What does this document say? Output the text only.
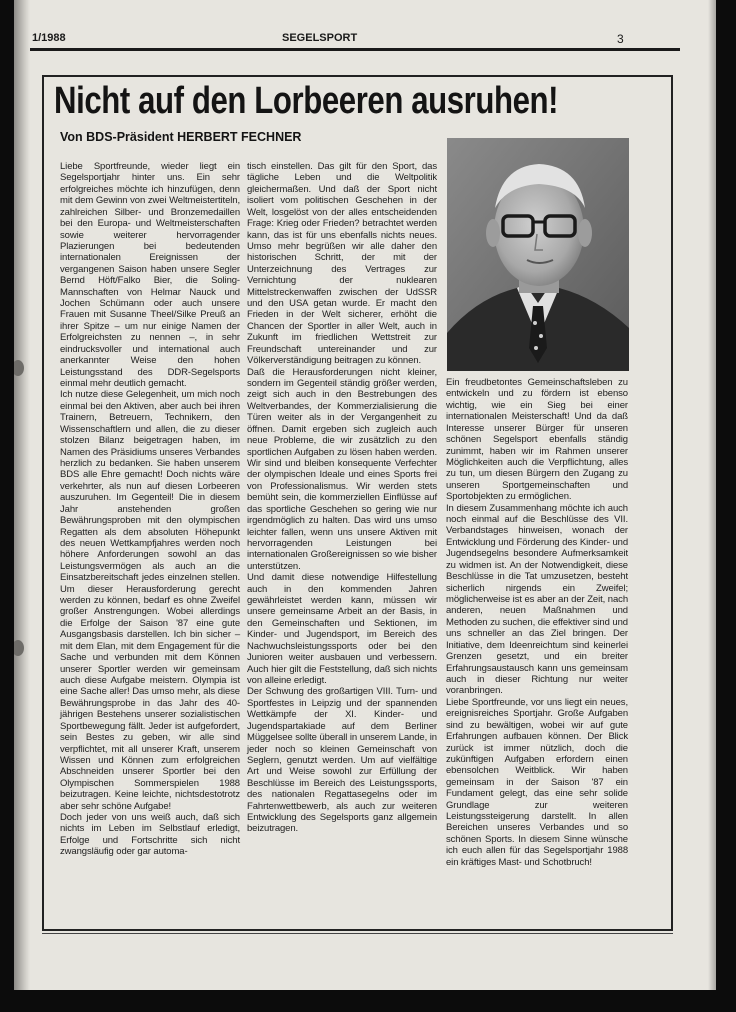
1/1988	SEGELSPORT	3
Nicht auf den Lorbeeren ausruhen!
Von BDS-Präsident HERBERT FECHNER

Liebe Sportfreunde, wieder liegt ein Segelsportjahr hinter uns. Ein sehr erfolgreiches möchte ich hinzufügen, denn mit dem Gewinn von zwei Weltmeistertiteln, zahlreichen Silber- und Bronzemedaillen bei den Europa- und Weltmeisterschaften sowie weiterer hervorragender Plazierungen bei bedeutenden internationalen Ereignissen der vergangenen Saison haben unsere Segler Bernd Höft/Falko Bier, die Soling-Mannschaften von Helmar Nauck und Jochen Schümann oder auch unsere Frauen mit Susanne Theel/Silke Preuß an ihrer Spitze – um nur einige Namen der Erfolgreichsten zu nennen –, in sehr eindrucksvoller und international auch anerkannter Weise den hohen Leistungsstand des DDR-Segelsports einmal mehr deutlich gemacht.

Ich nutze diese Gelegenheit, um mich noch einmal bei den Aktiven, aber auch bei ihren Trainern, Betreuern, Technikern, den Wissenschaftlern und allen, die zu dieser stolzen Bilanz beigetragen haben, im Namen des Präsidiums unseres Verbandes herzlich zu bedanken. Sie haben unserem BDS alle Ehre gemacht! Doch nichts wäre verkehrter, als nun auf diesen Lorbeeren auszuruhen. Im Gegenteil! Die in diesem Jahr anstehenden großen Bewährungsproben mit den olympischen Regatten als dem absoluten Höhepunkt des neuen Wettkampfjahres werden noch höhere Anforderungen sowohl an das Leistungsvermögen als auch an die Einsatzbereitschaft jedes einzelnen stellen. Um dieser Herausforderung gerecht werden zu können, bedarf es ohne Zweifel großer Anstrengungen. Wobei allerdings die Erfolge der Saison '87 eine gute Ausgangsbasis darstellen. Ich bin sicher – mit dem Elan, mit dem Engagement für die Sache und verbunden mit dem Können unserer Sportler werden wir gemeinsam auch diese Aufgabe meistern. Olympia ist eine Sache aller! Das umso mehr, als diese Bewährungsprobe in das Jahr des 40-jährigen Bestehens unserer sozialistischen Sportbewegung fällt. Jeder ist aufgefordert, sein Bestes zu geben, wir alle sind verpflichtet, mit all unserer Kraft, unserem Wissen und Können zum erfolgreichen Abschneiden unserer Sportler bei den Olympischen Sommerspielen 1988 beizutragen. Keine leichte, nichtsdestotrotz aber sehr schöne Aufgabe!

Doch jeder von uns weiß auch, daß sich nichts im Leben im Selbstlauf erledigt, Erfolge und Fortschritte sich nicht zwangsläufig oder gar automa-

tisch einstellen. Das gilt für den Sport, das tägliche Leben und die Weltpolitik gleichermaßen. Und daß der Sport nicht isoliert vom politischen Geschehen in der Welt, losgelöst von der alles entscheidenden Frage: Krieg oder Frieden? betrachtet werden kann, das ist für uns ebenfalls nichts neues. Umso mehr begrüßen wir alle daher den historischen Schritt, der mit der Unterzeichnung des Vertrages zur Vernichtung der nuklearen Mittelstreckenwaffen zwischen der UdSSR und den USA getan wurde. Er macht den Frieden in der Welt sicherer, erhöht die Chancen der Sportler in aller Welt, auch in Zukunft im friedlichen Wettstreit zur Freundschaft untereinander und zur Völkerverständigung beitragen zu können.

Daß die Herausforderungen nicht kleiner, sondern im Gegenteil ständig größer werden, zeigt sich auch in den Bestrebungen des Weltverbandes, der Kommerzialisierung die Türen weiter als in der Vergangenheit zu öffnen. Damit ergeben sich zugleich auch neue Probleme, die wir zusätzlich zu den sportlichen Aufgaben zu lösen haben werden. Wir sind und bleiben konsequente Verfechter der olympischen Ideale und eines Sports frei von Professionalismus. Wir werden stets bemüht sein, die kommerziellen Einflüsse auf das sportliche Geschehen so gering wie nur irgendmöglich zu halten. Das wird uns umso leichter fallen, wenn uns unsere Aktiven mit hervorragenden Leistungen bei internationalen Großereignissen so wie bisher unterstützen.

Und damit diese notwendige Hilfestellung auch in den kommenden Jahren gewährleistet werden kann, müssen wir unsere gemeinsame Arbeit an der Basis, in den Gemeinschaften und Sektionen, im Kinder- und Jugendsport, im Bereich des Nachwuchsleistungssports oder bei den Junioren weiter ausbauen und verbessern. Auch hier gilt die Feststellung, daß sich nichts von alleine erledigt.

Der Schwung des großartigen VIII. Turn- und Sportfestes in Leipzig und der spannenden Wettkämpfe der XI. Kinder- und Jugendspartakiade auf dem Berliner Müggelsee sollte überall in unserem Lande, in jeder noch so kleinen Gemeinschaft von Seglern, genutzt werden. Um auf vielfältige Art und Weise sowohl zur Erfüllung der Beschlüsse im Bereich des Leistungssports, des nationalen Regattasegelns oder im Fahrtenwettbewerb, als auch zur weiteren Entwicklung des Segelsports ganz allgemein beizutragen.

Ein freudbetontes Gemeinschaftsleben zu entwickeln und zu fördern ist ebenso wichtig, wie ein Sieg bei einer internationalen Meisterschaft! Und da daß Interesse unserer Bürger für unseren schönen Segelsport ebenfalls ständig zunimmt, haben wir im Rahmen unserer Möglichkeiten auch die Verpflichtung, alles zu tun, um diesen Bürgern den Zugang zu unseren Sportgemeinschaften und Sportobjekten zu ermöglichen.

In diesem Zusammenhang möchte ich auch noch einmal auf die Beschlüsse des VII. Verbandstages hinweisen, wonach der Entwicklung und Förderung des Kinder- und Jugendsegelns besondere Aufmerksamkeit zu widmen ist. An der Notwendigkeit, diese Beschlüsse in die Tat umzusetzen, besteht sicherlich nirgends ein Zweifel; möglicherweise ist es aber an der Zeit, nach anderen, neuen Maßnahmen und Methoden zu suchen, die effektiver sind und uns schneller an das Ziel bringen. Der Initiative, dem Ideenreichtum sind keinerlei Grenzen gesetzt, und ein breiter Erfahrungsaustausch kann uns gemeinsam auch in dieser Richtung nur weiter voranbringen.

Liebe Sportfreunde, vor uns liegt ein neues, ereignisreiches Sportjahr. Große Aufgaben sind zu bewältigen, wobei wir auf gute Erfahrungen aufbauen können. Der Blick zurück ist immer nützlich, doch die zukünftigen Aufgaben erfordern einen ebensolchen Weitblick. Wir haben gemeinsam in der Saison '87 ein Fundament gelegt, das eine sehr solide Grundlage zur weiteren Leistungssteigerung darstellt. In allen Bereichen unseres Verbandes und so schönen Sports. In diesem Sinne wünsche ich euch allen für das Segelsportjahr 1988 ein kräftiges Mast- und Schotbruch!
